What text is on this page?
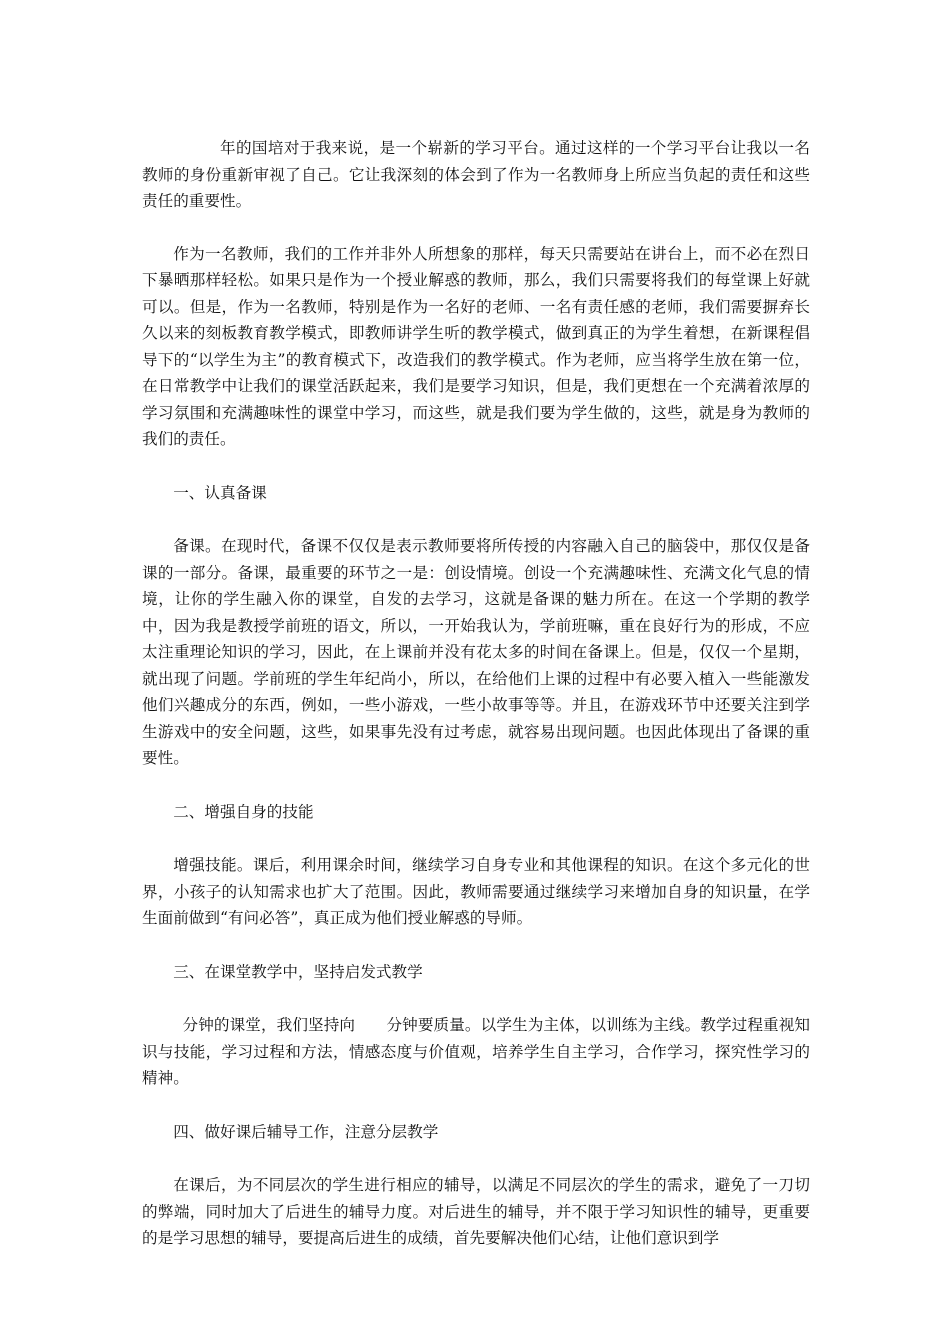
年的国培对于我来说，是一个崭新的学习平台。通过这样的一个学习平台让我以一名教师的身份重新审视了自己。它让我深刻的体会到了作为一名教师身上所应当负起的责任和这些责任的重要性。

作为一名教师，我们的工作并非外人所想象的那样，每天只需要站在讲台上，而不必在烈日下暴晒那样轻松。如果只是作为一个授业解惑的教师，那么，我们只需要将我们的每堂课上好就可以。但是，作为一名教师，特别是作为一名好的老师、一名有责任感的老师，我们需要摒弃长久以来的刻板教育教学模式，即教师讲学生听的教学模式，做到真正的为学生着想，在新课程倡导下的“以学生为主”的教育模式下，改造我们的教学模式。作为老师，应当将学生放在第一位，在日常教学中让我们的课堂活跃起来，我们是要学习知识，但是，我们更想在一个充满着浓厚的学习氛围和充满趣味性的课堂中学习，而这些，就是我们要为学生做的，这些，就是身为教师的我们的责任。

一、认真备课

备课。在现时代，备课不仅仅是表示教师要将所传授的内容融入自己的脑袋中，那仅仅是备课的一部分。备课，最重要的环节之一是：创设情境。创设一个充满趣味性、充满文化气息的情境，让你的学生融入你的课堂，自发的去学习，这就是备课的魅力所在。在这一个学期的教学中，因为我是教授学前班的语文，所以，一开始我认为，学前班嘛，重在良好行为的形成，不应太注重理论知识的学习，因此，在上课前并没有花太多的时间在备课上。但是，仅仅一个星期，就出现了问题。学前班的学生年纪尚小，所以，在给他们上课的过程中有必要入植入一些能激发他们兴趣成分的东西，例如，一些小游戏，一些小故事等等。并且，在游戏环节中还要关注到学生游戏中的安全问题，这些，如果事先没有过考虑，就容易出现问题。也因此体现出了备课的重要性。

二、增强自身的技能

增强技能。课后，利用课余时间，继续学习自身专业和其他课程的知识。在这个多元化的世界，小孩子的认知需求也扩大了范围。因此，教师需要通过继续学习来增加自身的知识量，在学生面前做到“有问必答”，真正成为他们授业解惑的导师。

三、在课堂教学中，坚持启发式教学

分钟的课堂，我们坚持向　　分钟要质量。以学生为主体，以训练为主线。教学过程重视知识与技能，学习过程和方法，情感态度与价值观，培养学生自主学习，合作学习，探究性学习的精神。

四、做好课后辅导工作，注意分层教学

在课后，为不同层次的学生进行相应的辅导，以满足不同层次的学生的需求，避免了一刀切的弊端，同时加大了后进生的辅导力度。对后进生的辅导，并不限于学习知识性的辅导，更重要的是学习思想的辅导，要提高后进生的成绩，首先要解决他们心结，让他们意识到学
